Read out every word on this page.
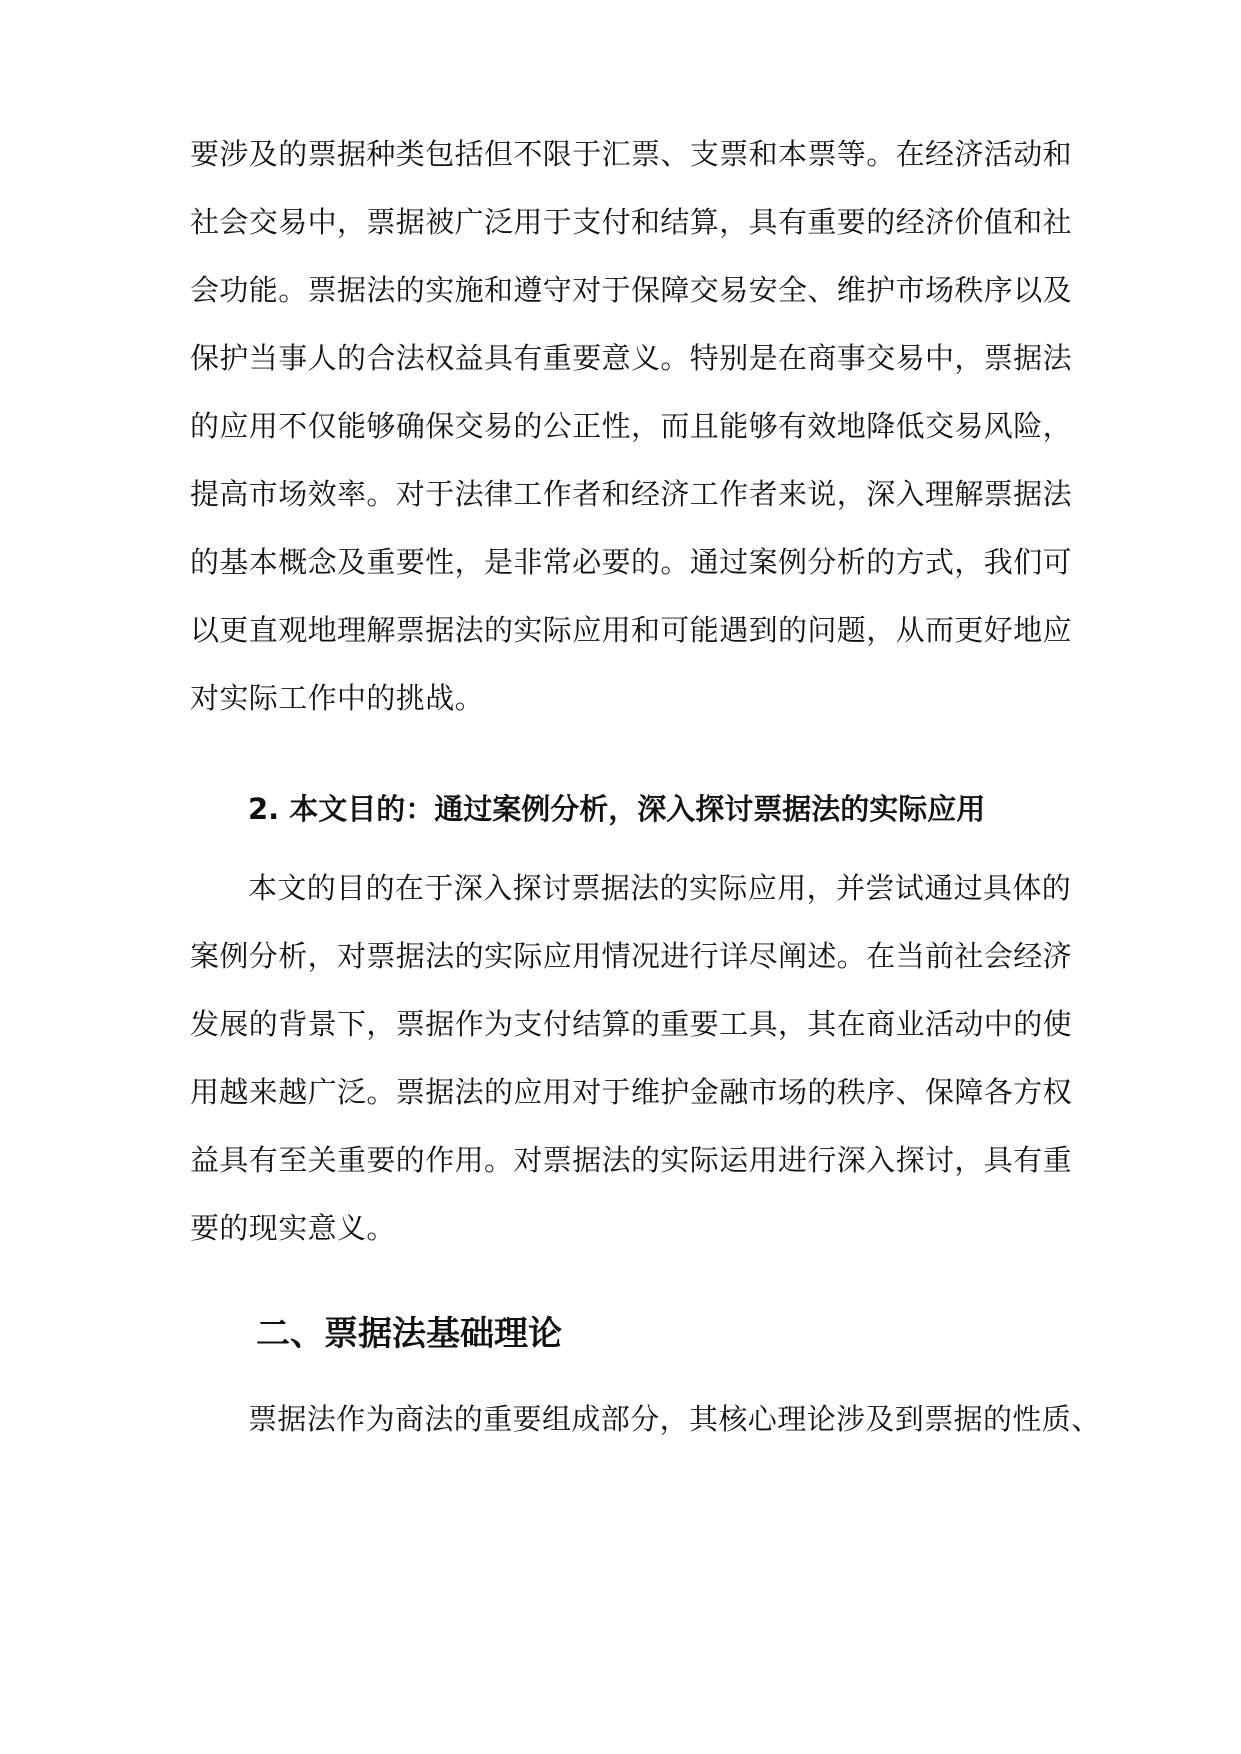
要涉及的票据种类包括但不限于汇票、支票和本票等。在经济活动和
社会交易中，票据被广泛用于支付和结算，具有重要的经济价值和社
会功能。票据法的实施和遵守对于保障交易安全、维护市场秩序以及
保护当事人的合法权益具有重要意义。特别是在商事交易中，票据法
的应用不仅能够确保交易的公正性，而且能够有效地降低交易风险，
提高市场效率。对于法律工作者和经济工作者来说，深入理解票据法
的基本概念及重要性，是非常必要的。通过案例分析的方式，我们可
以更直观地理解票据法的实际应用和可能遇到的问题，从而更好地应
对实际工作中的挑战。
2. 本文目的：通过案例分析，深入探讨票据法的实际应用
本文的目的在于深入探讨票据法的实际应用，并尝试通过具体的
案例分析，对票据法的实际应用情况进行详尽阐述。在当前社会经济
发展的背景下，票据作为支付结算的重要工具，其在商业活动中的使
用越来越广泛。票据法的应用对于维护金融市场的秩序、保障各方权
益具有至关重要的作用。对票据法的实际运用进行深入探讨，具有重
要的现实意义。
二、票据法基础理论
票据法作为商法的重要组成部分，其核心理论涉及到票据的性质、
